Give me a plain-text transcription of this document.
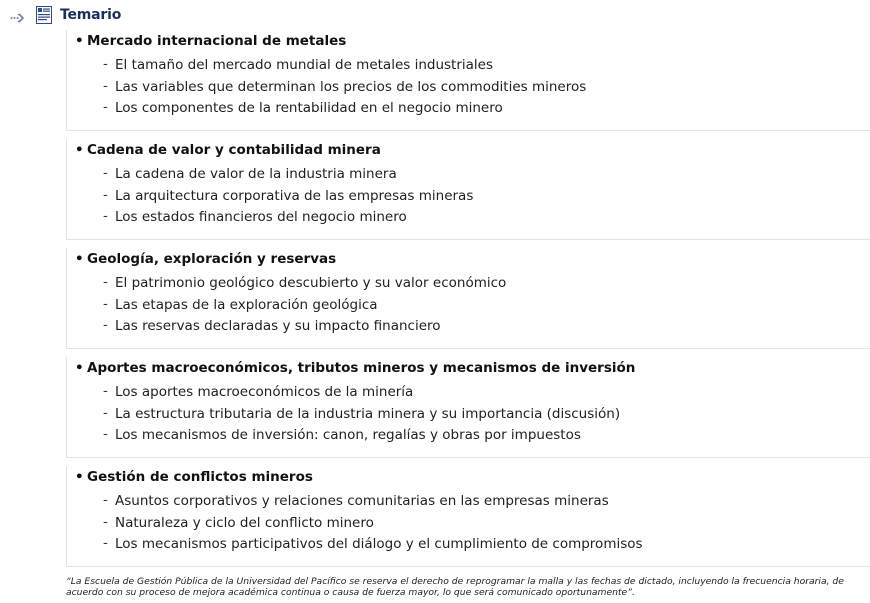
Temario
• Mercado internacional de metales
- El tamaño del mercado mundial de metales industriales
- Las variables que determinan los precios de los commodities mineros
- Los componentes de la rentabilidad en el negocio minero
• Cadena de valor y contabilidad minera
- La cadena de valor de la industria minera
- La arquitectura corporativa de las empresas mineras
- Los estados financieros del negocio minero
• Geología, exploración y reservas
- El patrimonio geológico descubierto y su valor económico
- Las etapas de la exploración geológica
- Las reservas declaradas y su impacto financiero
• Aportes macroeconómicos, tributos mineros y mecanismos de inversión
- Los aportes macroeconómicos de la minería
- La estructura tributaria de la industria minera y su importancia (discusión)
- Los mecanismos de inversión: canon, regalías y obras por impuestos
• Gestión de conflictos mineros
- Asuntos corporativos y relaciones comunitarias en las empresas mineras
- Naturaleza y ciclo del conflicto minero
- Los mecanismos participativos del diálogo y el cumplimiento de compromisos
“La Escuela de Gestión Pública de la Universidad del Pacífico se reserva el derecho de reprogramar la malla y las fechas de dictado, incluyendo la frecuencia horaria, de acuerdo con su proceso de mejora académica continua o causa de fuerza mayor, lo que será comunicado oportunamente”.
